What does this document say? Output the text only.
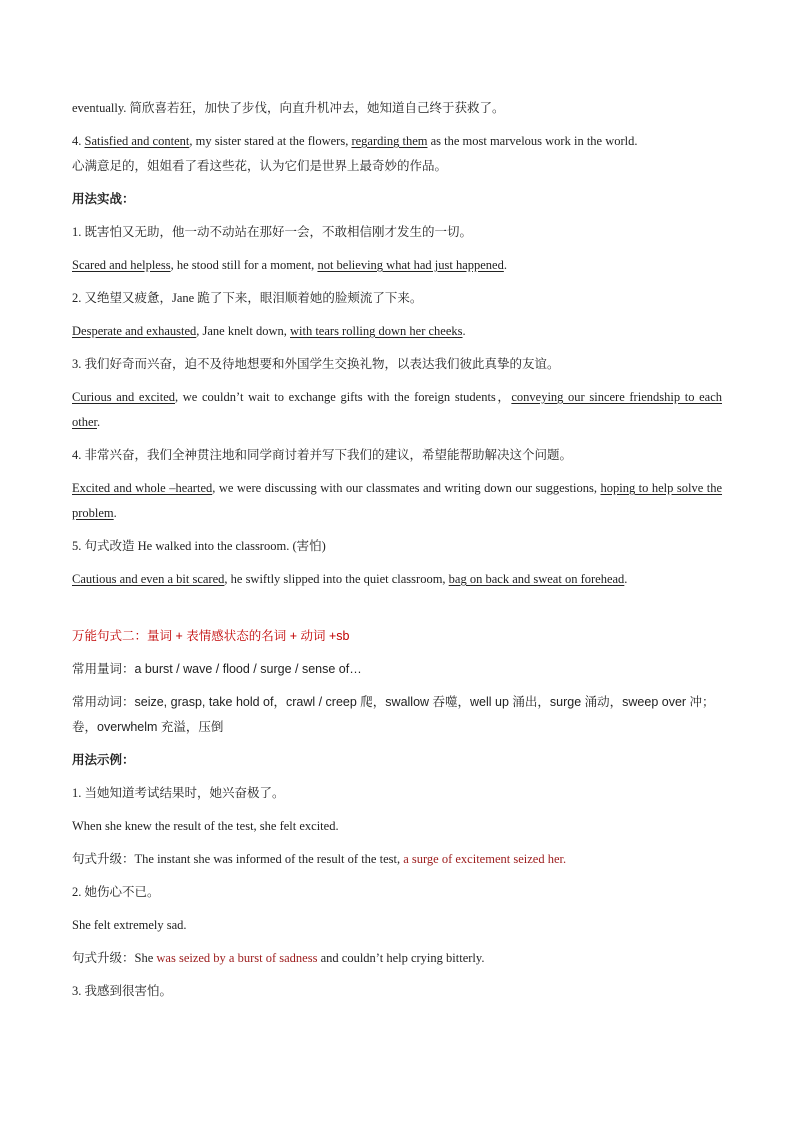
eventually. 简欣喜若狂，加快了步伐，向直升机冲去，她知道自己终于获救了。

4. Satisfied and content, my sister stared at the flowers, regarding them as the most marvelous work in the world.

心满意足的，姐姐看了看这些花，认为它们是世界上最奇妙的作品。

用法实战：

1. 既害怕又无助，他一动不动站在那好一会，不敢相信刚才发生的一切。

Scared and helpless, he stood still for a moment, not believing what had just happened.

2. 又绝望又疲惫，Jane 跪了下来，眼泪顺着她的脸颊流了下来。

Desperate and exhausted, Jane knelt down, with tears rolling down her cheeks.

3. 我们好奇而兴奋，迫不及待地想要和外国学生交换礼物，以表达我们彼此真挚的友谊。

Curious and excited, we couldn’t wait to exchange gifts with the foreign students，conveying our sincere friendship to each other.

4. 非常兴奋，我们全神贯注地和同学商讨着并写下我们的建议，希望能帮助解决这个问题。

Excited and whole –hearted, we were discussing with our classmates and writing down our suggestions, hoping to help solve the problem.

5. 句式改造 He walked into the classroom. (害怕)

Cautious and even a bit scared, he swiftly slipped into the quiet classroom, bag on back and sweat on forehead.

万能句式二：量词 + 表情感状态的名词 + 动词 +sb

常用量词：a burst / wave / flood / surge / sense of…

常用动词：seize, grasp, take hold of，crawl / creep 爬，swallow 吞噬，well up 涌出，surge 涌动，sweep over 冲；卷，overwhelm 充溢，压倒

用法示例：

1. 当她知道考试结果时，她兴奋极了。

When she knew the result of the test, she felt excited.

句式升级：The instant she was informed of the result of the test, a surge of excitement seized her.

2. 她伤心不已。

She felt extremely sad.

句式升级：She was seized by a burst of sadness and couldn’t help crying bitterly.

3. 我感到很害怕。
